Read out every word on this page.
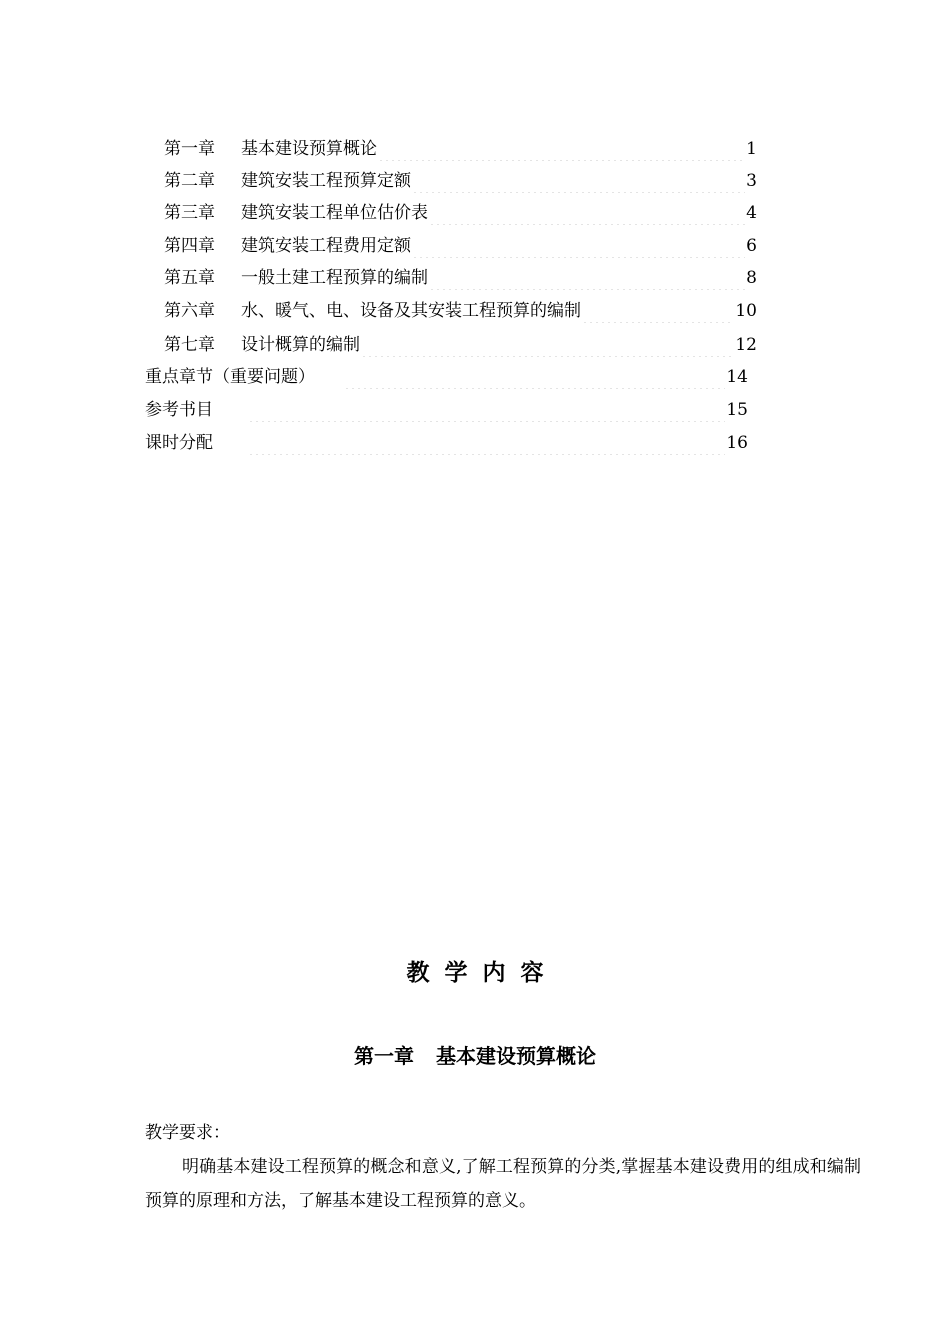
第一章	基本建设预算概论	1
第二章	建筑安装工程预算定额	3
第三章	建筑安装工程单位估价表	4
第四章	建筑安装工程费用定额	6
第五章	一般土建工程预算的编制	8
第六章	水、暖气、电、设备及其安装工程预算的编制	10
第七章	设计概算的编制	12
重点章节（重要问题）	14
参考书目	15
课时分配	16
教学内容
第一章 基本建设预算概论
教学要求：
明确基本建设工程预算的概念和意义,了解工程预算的分类,掌握基本建设费用的组成和编制预算的原理和方法，了解基本建设工程预算的意义。
